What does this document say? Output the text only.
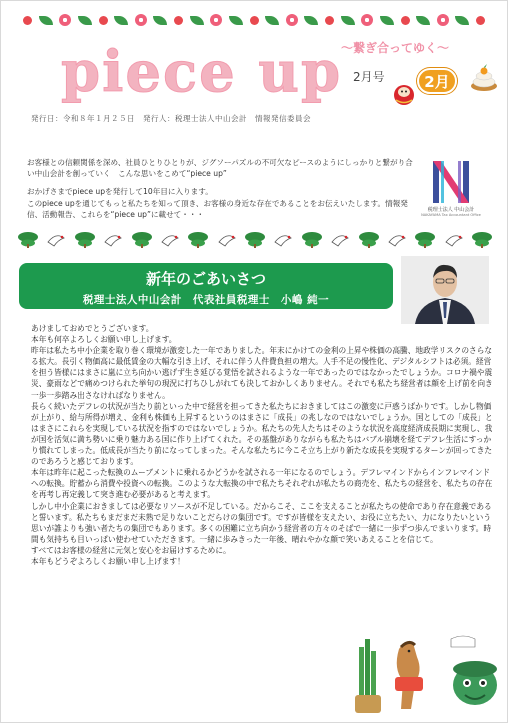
piece up
〜繋ぎ合ってゆく〜
2月号	2月
発行日：令和８年１月２５日　発行人：税理士法人中山会計　情報発信委員会

お客様との信頼関係を深め、社員ひとりひとりが、ジグソーパズルの不可欠なピースのようにしっかりと繋がり合い中山会計を創っていく　こんな思いをこめて“piece up”

おかげさまでpiece upを発行して10年目に入ります。

このpiece upを通じてもっと私たちを知って頂き、お客様の身近な存在であることをお伝えいたします。情報発信、活動報告、これらを“piece up”に載せて・・・	税理士法人 中山会計
NAKAYAMA Tax Accountant Office
新年のごあいさつ
税理士法人中山会計　代表社員税理士　小嶋 純一

あけましておめでとうございます。

本年も何卒よろしくお願い申し上げます。

昨年は私たち中小企業を取り巻く環境が激変した一年でありました。年末にかけての金利の上昇や株価の高騰、地政学リスクのさらなる拡大。長引く物価高に最低賃金の大幅な引き上げ、それに伴う人件費負担の増大。人手不足の慢性化、デジタルシフトは必須。経営を担う皆様にはまさに嵐に立ち向かい逃げず生き延びる覚悟を試されるような一年であったのではなかったでしょうか。コロナ禍や震災、豪雨などで痛めつけられた挙句の現況に打ちひしがれても決しておかしくありません。それでも私たち経営者は顔を上げ前を向き一歩一歩踏み出さなければなりません。

長らく続いたデフレの状況が当たり前といった中で経営を担ってきた私たちにおきましてはこの激変に戸惑うばかりです。しかし物価が上がり、給与所得が増え、金利も株価も上昇するというのはまさに「成長」の兆しなのではないでしょうか。国としての「成長」とはまさにこれらを実現している状況を指すのではないでしょうか。私たちの先人たちはそのような状況を高度経済成長期に実現し、我が国を活気に満ち勢いに乗り魅力ある国に作り上げてくれた。その基盤がありながらも私たちはバブル崩壊を経てデフレ生活にすっかり慣れてしまった。低成長が当たり前になってしまった。そんな私たちに今こそ立ち上がり新たな成長を実現するターンが回ってきたのであろうと感じております。

本年は昨年に起こった転換のムーブメントに乗れるかどうかを試される一年になるのでしょう。デフレマインドからインフレマインドへの転換。貯蓄から消費や投資への転換。このような大転換の中で私たちそれぞれが私たちの商売を、私たちの経営を、私たちの存在を再考し再定義して突き進む必要があると考えます。

しかし中小企業におきましては必要なリソースが不足している。だからこそ、ここを支えることが私たちの使命であり存在意義であると誓います。私たちもまだまだ未熟で足りないことだらけの集団です。ですが皆様を支えたい、お役に立ちたい、力になりたいという思いが誰よりも強い者たちの集団でもあります。多くの困難に立ち向かう経営者の方々のそばで一緒に一歩ずつ歩んでまいります。時間も気持ちも目いっぱい使わせていただきます。一緒に歩みきった一年後、晴れやかな顔で笑いあえることを信じて。

すべてはお客様の経営に元気と安心をお届けするために。

本年もどうぞよろしくお願い申し上げます！
